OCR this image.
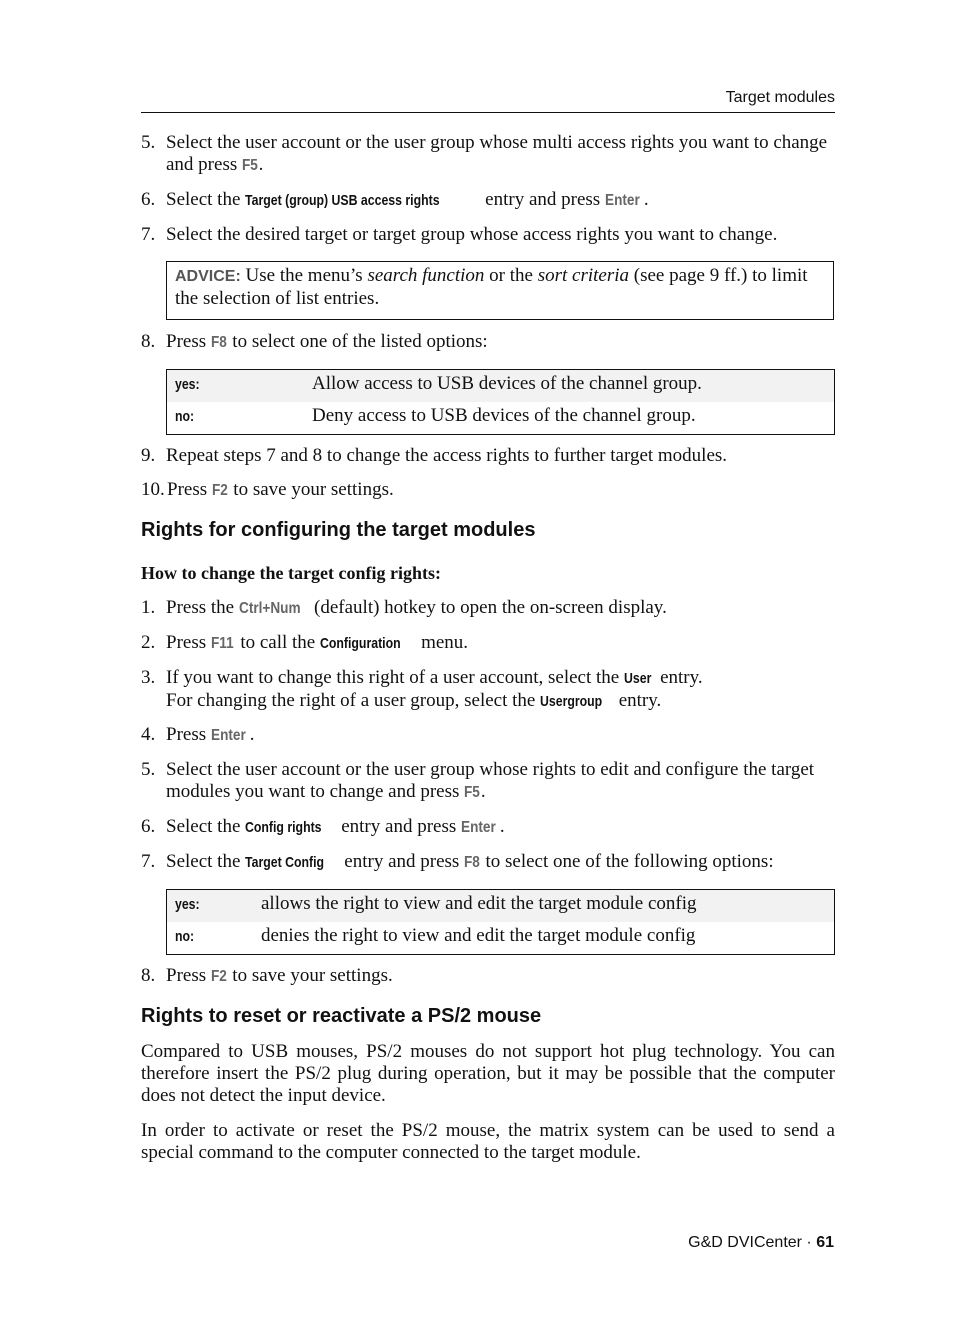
Target modules
5. Select the user account or the user group whose multi access rights you want to change and press F5.
6. Select the Target (group) USB access rights entry and press Enter .
7. Select the desired target or target group whose access rights you want to change.
ADVICE: Use the menu’s search function or the sort criteria (see page 9 ff.) to limit the selection of list entries.
8. Press F8 to select one of the listed options:
yes:	Allow access to USB devices of the channel group.
no:	Deny access to USB devices of the channel group.
9. Repeat steps 7 and 8 to change the access rights to further target modules.
10. Press F2 to save your settings.
Rights for configuring the target modules
How to change the target config rights:
1. Press the Ctrl+Num (default) hotkey to open the on-screen display.
2. Press F11 to call the Configuration menu.
3. If you want to change this right of a user account, select the User entry.
For changing the right of a user group, select the Usergroup entry.
4. Press Enter .
5. Select the user account or the user group whose rights to edit and configure the target modules you want to change and press F5.
6. Select the Config rights entry and press Enter .
7. Select the Target Config entry and press F8 to select one of the following options:
yes:	allows the right to view and edit the target module config
no:	denies the right to view and edit the target module config
8. Press F2 to save your settings.
Rights to reset or reactivate a PS/2 mouse
Compared to USB mouses, PS/2 mouses do not support hot plug technology. You can therefore insert the PS/2 plug during operation, but it may be possible that the computer does not detect the input device.
In order to activate or reset the PS/2 mouse, the matrix system can be used to send a special command to the computer connected to the target module.
G&D DVICenter · 61
